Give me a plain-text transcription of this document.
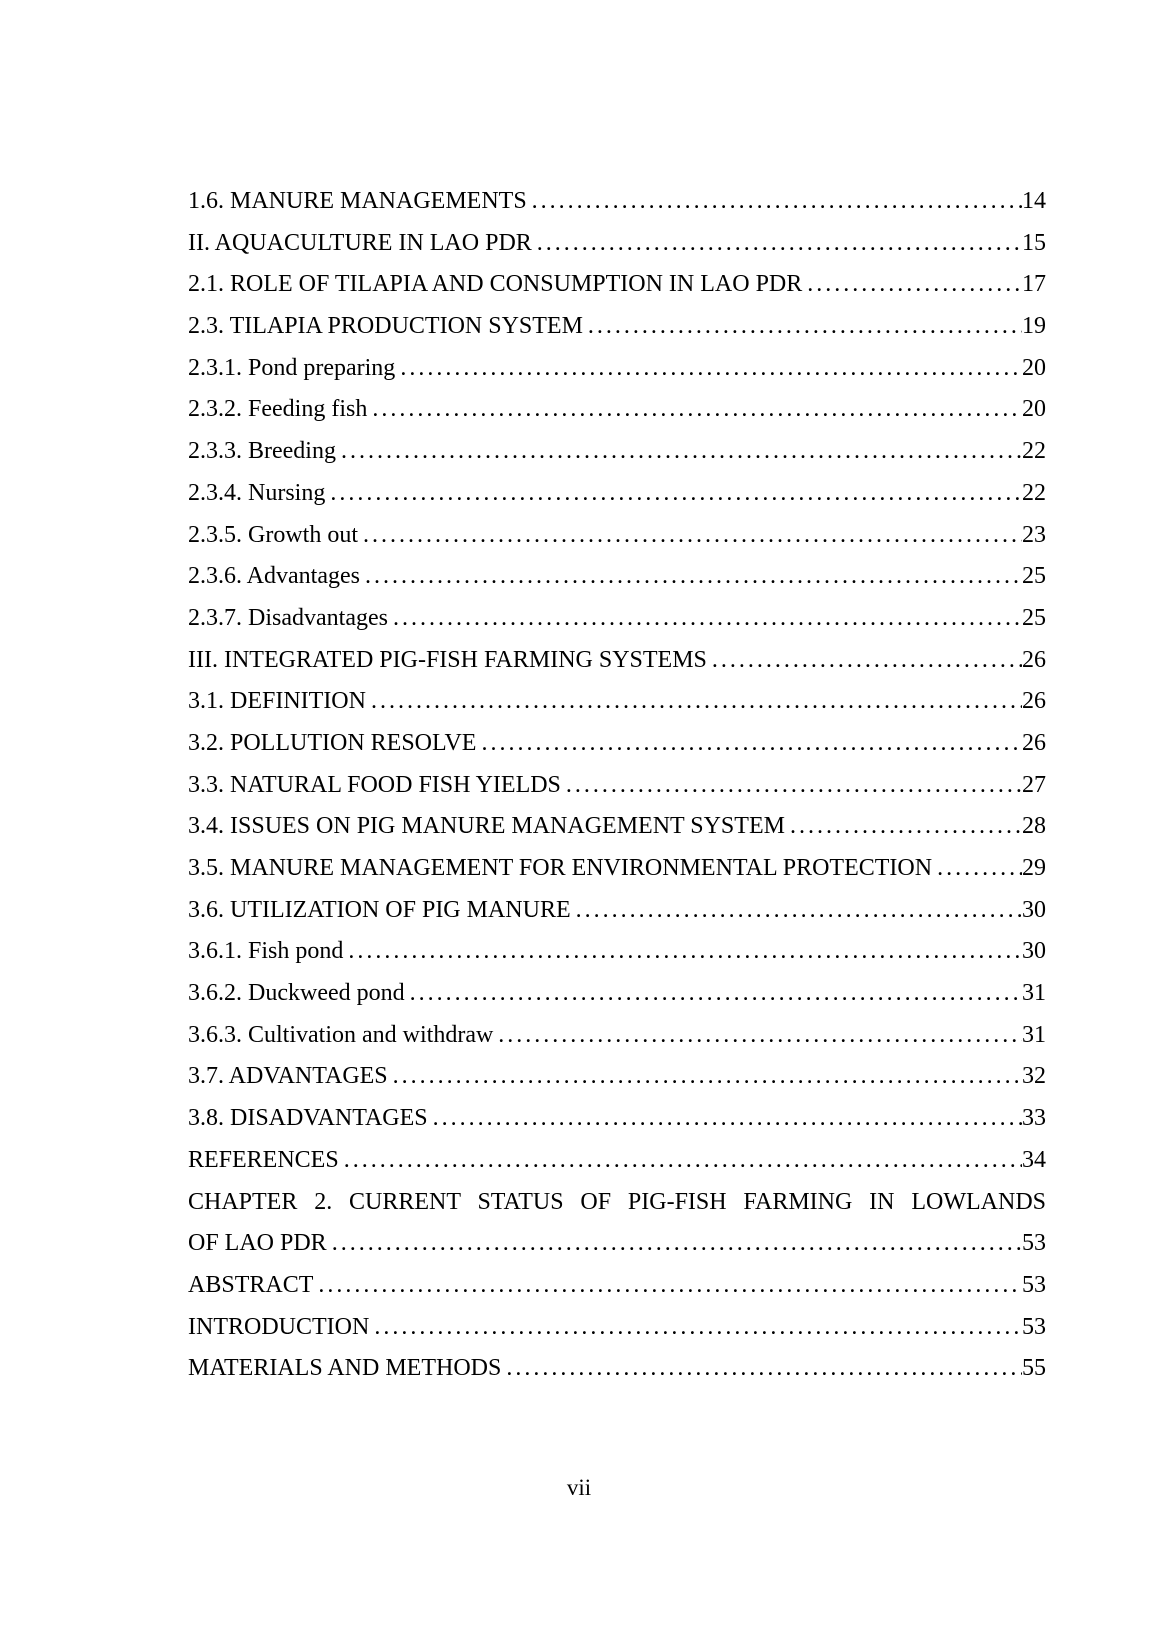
1.6. MANURE MANAGEMENTS .....	14
II. AQUACULTURE IN LAO PDR .....	15
2.1. ROLE OF TILAPIA AND CONSUMPTION IN LAO PDR .....	17
2.3. TILAPIA PRODUCTION SYSTEM .....	19
2.3.1. Pond preparing .....	20
2.3.2. Feeding fish .....	20
2.3.3. Breeding .....	22
2.3.4. Nursing .....	22
2.3.5. Growth out .....	23
2.3.6. Advantages .....	25
2.3.7. Disadvantages .....	25
III. INTEGRATED PIG-FISH FARMING SYSTEMS .....	26
3.1. DEFINITION .....	26
3.2. POLLUTION RESOLVE .....	26
3.3. NATURAL FOOD FISH YIELDS .....	27
3.4. ISSUES ON PIG MANURE MANAGEMENT SYSTEM .....	28
3.5. MANURE MANAGEMENT FOR ENVIRONMENTAL PROTECTION .....	29
3.6. UTILIZATION OF PIG MANURE .....	30
3.6.1. Fish pond .....	30
3.6.2. Duckweed pond .....	31
3.6.3. Cultivation and withdraw .....	31
3.7. ADVANTAGES .....	32
3.8. DISADVANTAGES .....	33
REFERENCES .....	34
CHAPTER 2. CURRENT STATUS OF PIG-FISH FARMING IN LOWLANDS
OF LAO PDR .....	53
ABSTRACT .....	53
INTRODUCTION .....	53
MATERIALS AND METHODS .....	55
vii
